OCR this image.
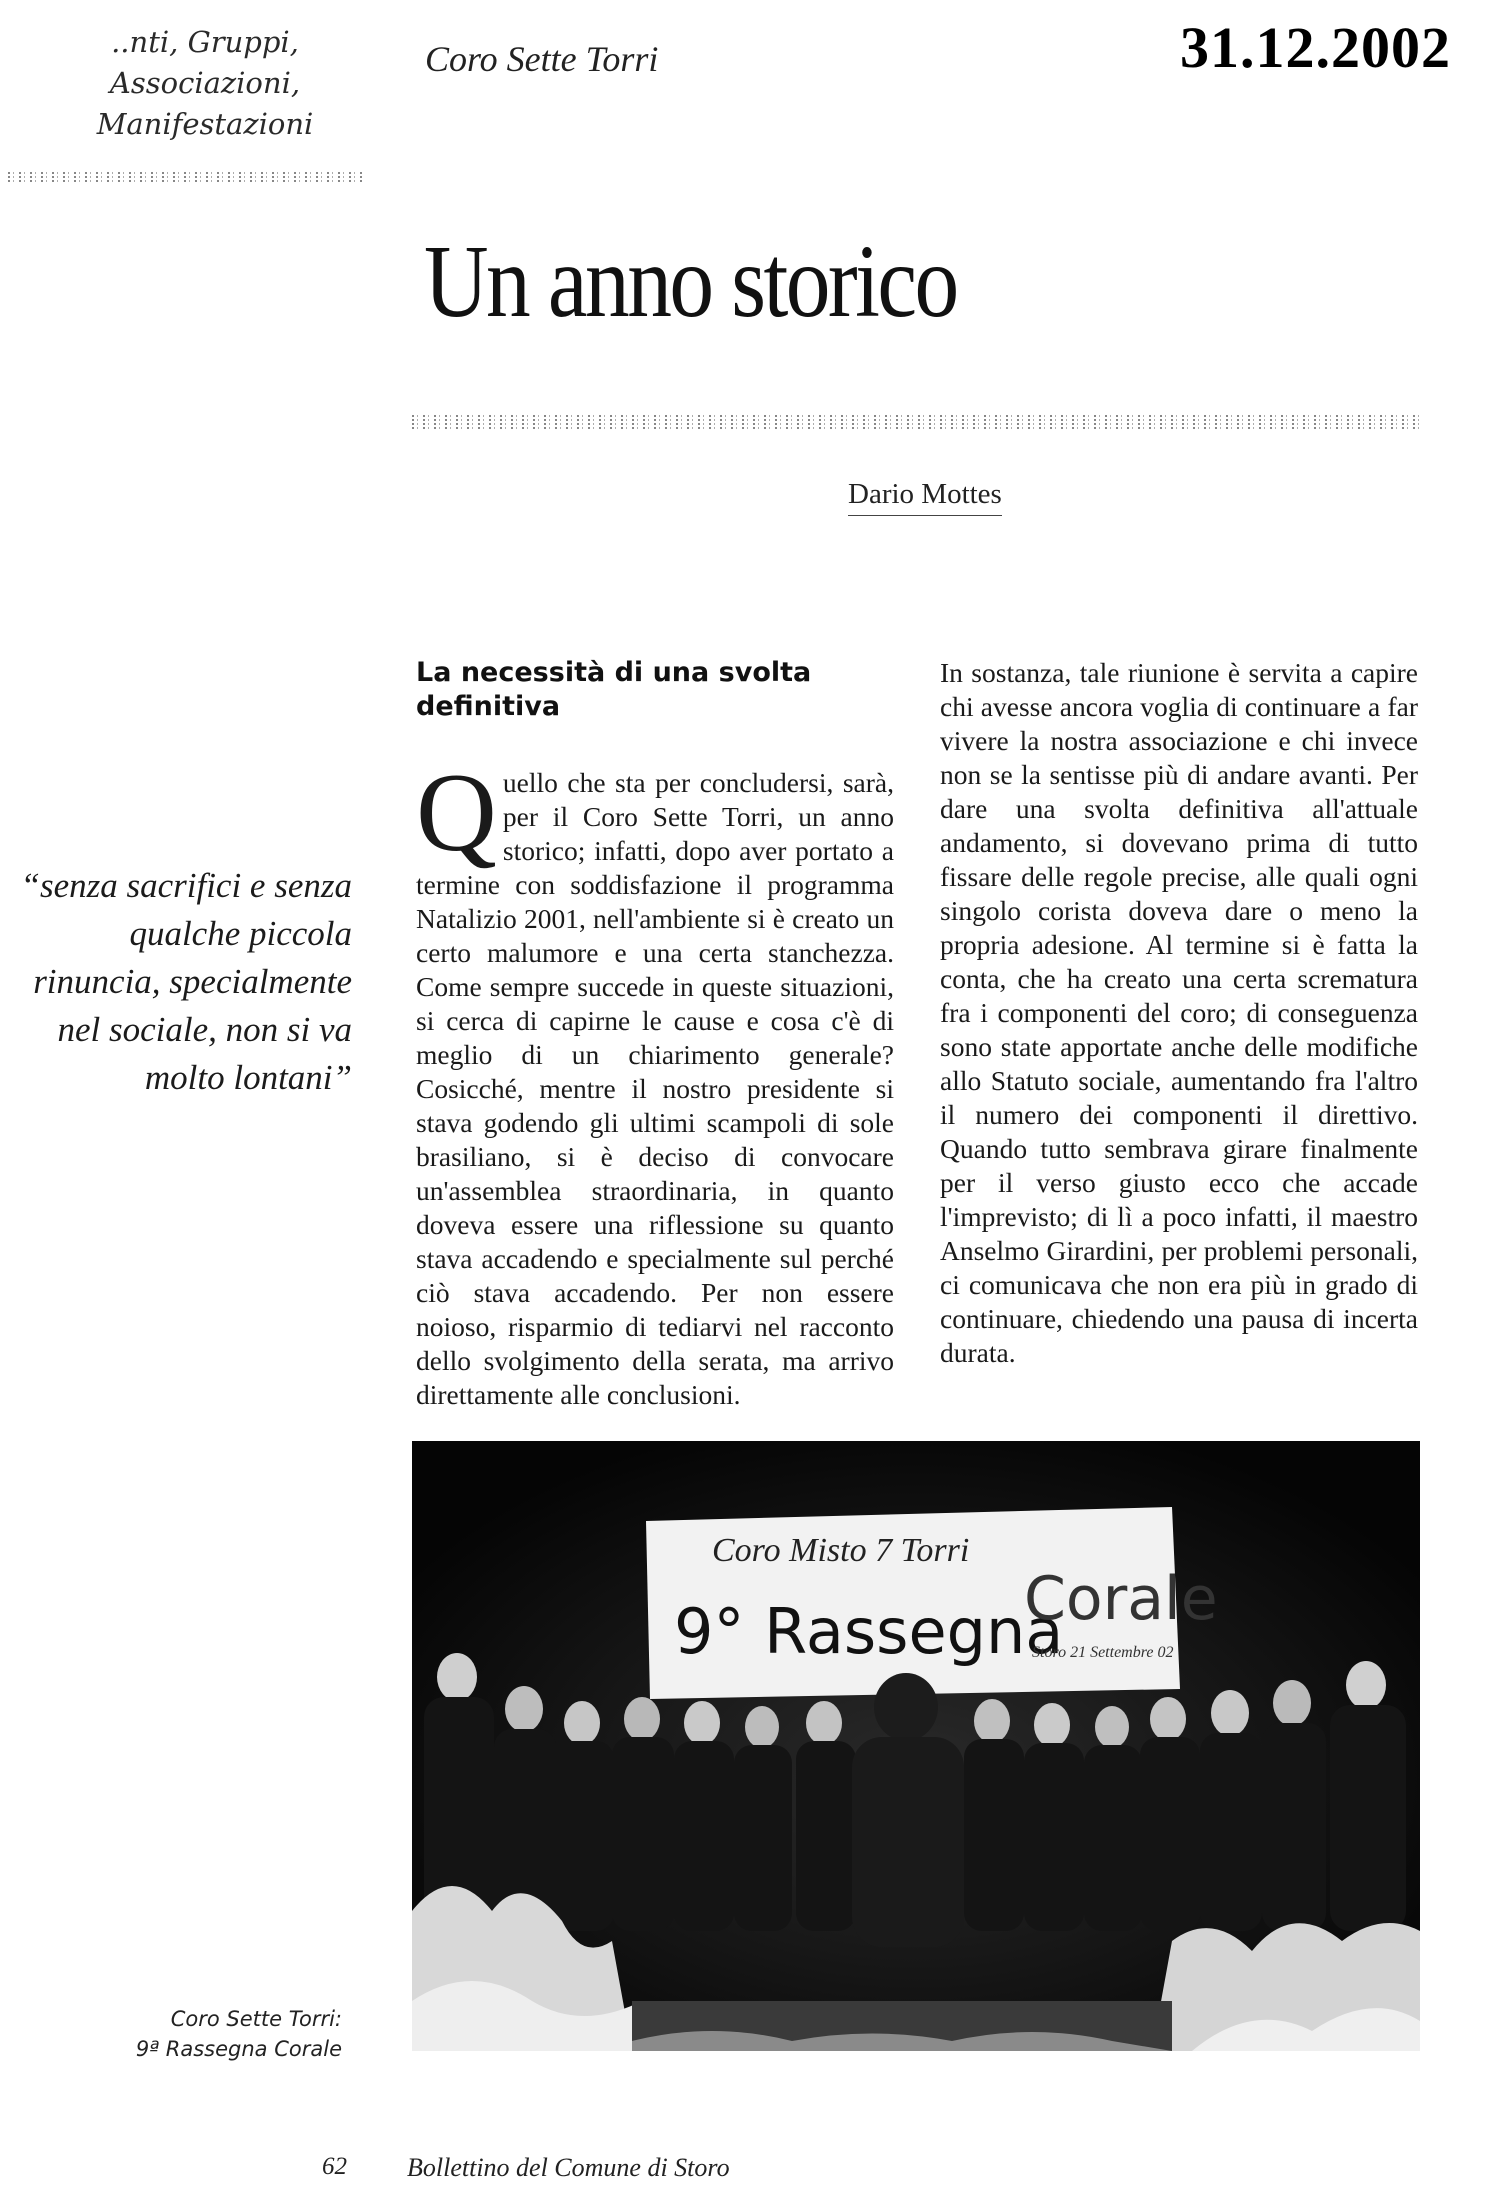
..nti, Gruppi,
Associazioni,
Manifestazioni
Coro Sette Torri	31.12.2002
Un anno storico
Dario Mottes
“senza sacrifici e senza qualche piccola rinuncia, specialmente nel sociale, non si va molto lontani”
La necessità di una svolta definitiva
Quello che sta per concludersi, sarà, per il Coro Sette Torri, un anno storico; infatti, dopo aver portato a termine con soddisfazione il programma Natalizio 2001, nell'ambiente si è creato un certo malumore e una certa stanchezza. Come sempre succede in queste situazioni, si cerca di capirne le cause e cosa c'è di meglio di un chiarimento generale? Cosicché, mentre il nostro presidente si stava godendo gli ultimi scampoli di sole brasiliano, si è deciso di convocare un'assemblea straordinaria, in quanto doveva essere una riflessione su quanto stava accadendo e specialmente sul perché ciò stava accadendo. Per non essere noioso, risparmio di tediarvi nel racconto dello svolgimento della serata, ma arrivo direttamente alle conclusioni.
In sostanza, tale riunione è servita a capire chi avesse ancora voglia di continuare a far vivere la nostra associazione e chi invece non se la sentisse più di andare avanti. Per dare una svolta definitiva all'attuale andamento, si dovevano prima di tutto fissare delle regole precise, alle quali ogni singolo corista doveva dare o meno la propria adesione. Al termine si è fatta la conta, che ha creato una certa scrematura fra i componenti del coro; di conseguenza sono state apportate anche delle modifiche allo Statuto sociale, aumentando fra l'altro il numero dei componenti il direttivo. Quando tutto sembrava girare finalmente per il verso giusto ecco che accade l'imprevisto; di lì a poco infatti, il maestro Anselmo Girardini, per problemi personali, ci comunicava che non era più in grado di continuare, chiedendo una pausa di incerta durata.
Coro Misto 7 Torri
9° Rassegna
Corale
Storo 21 Settembre 02
Coro Sette Torri:
9ª Rassegna Corale
62 Bollettino del Comune di Storo
